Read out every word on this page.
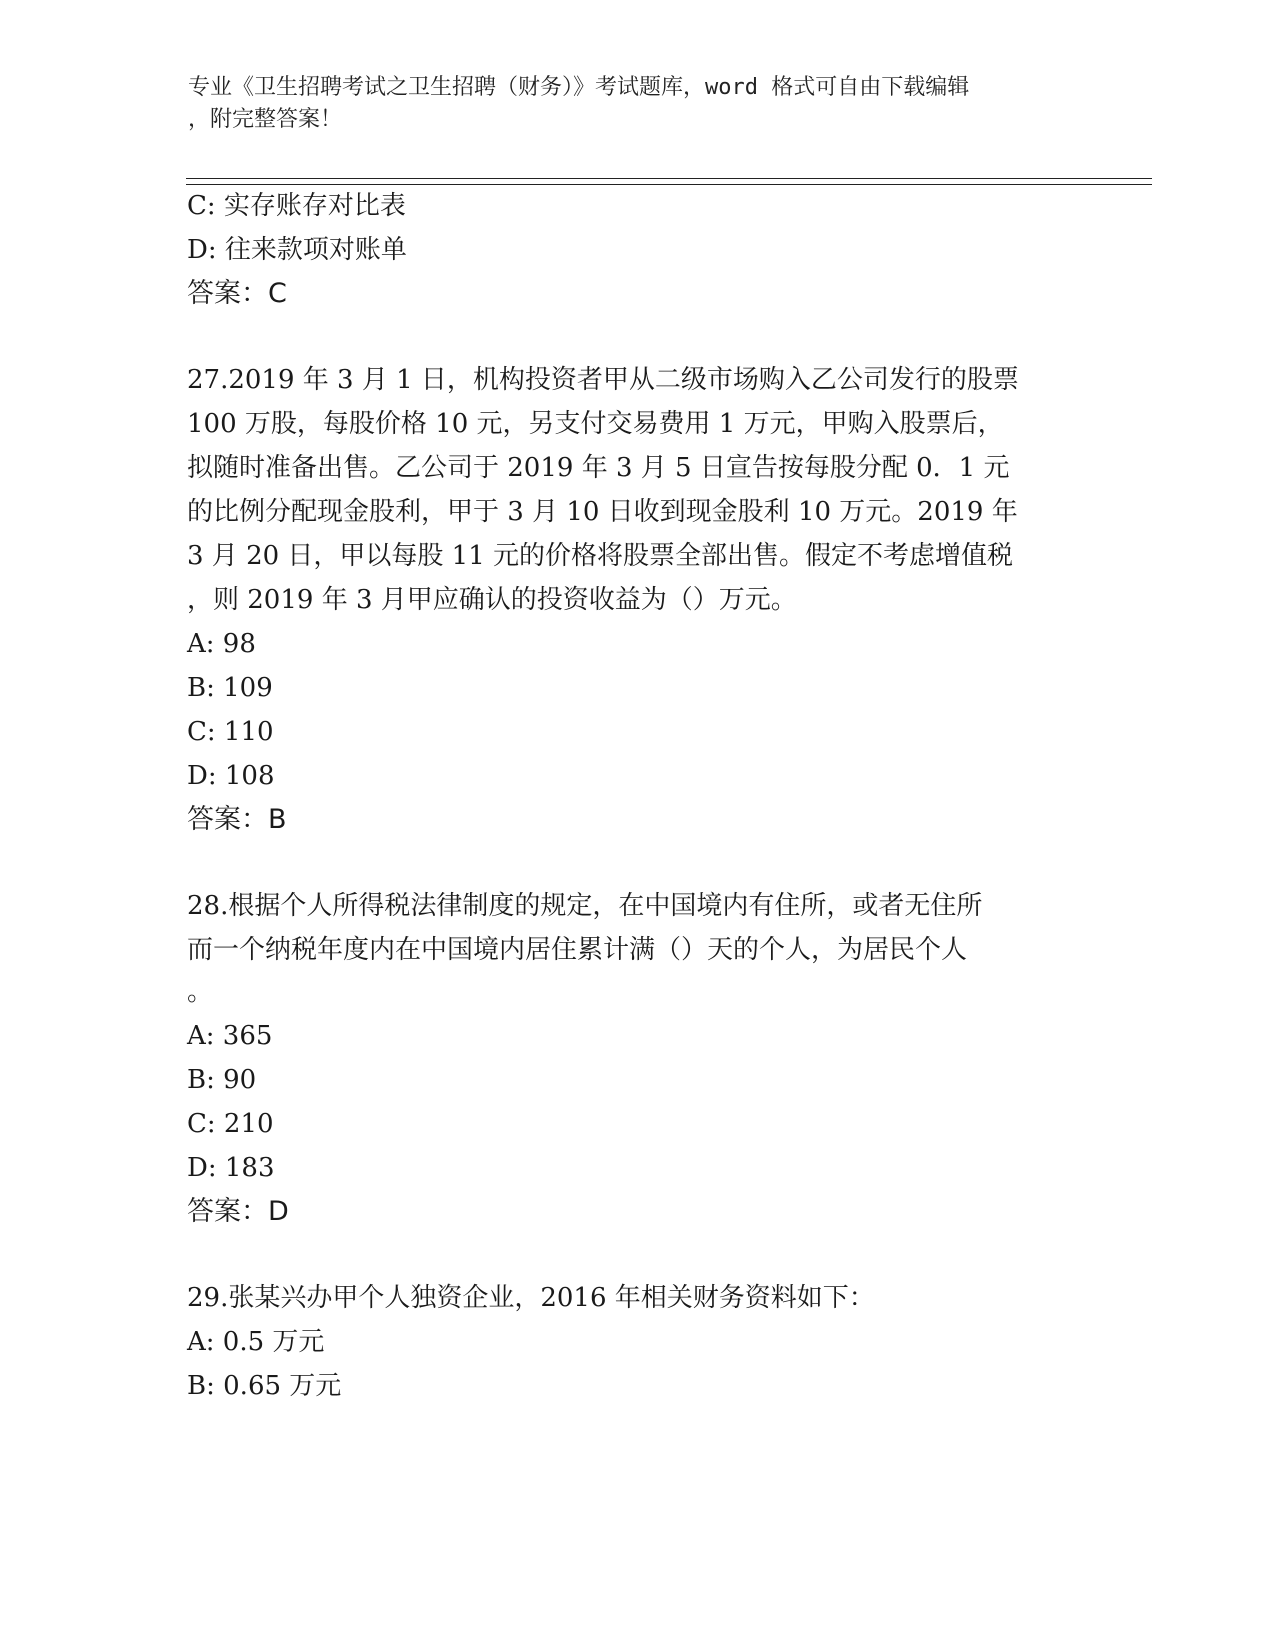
专业《卫生招聘考试之卫生招聘（财务）》考试题库，word 格式可自由下载编辑
，附完整答案！
C: 实存账存对比表
D: 往来款项对账单
答案：C
27.2019 年 3 月 1 日，机构投资者甲从二级市场购入乙公司发行的股票
100 万股，每股价格 10 元，另支付交易费用 1 万元，甲购入股票后，
拟随时准备出售。乙公司于 2019 年 3 月 5 日宣告按每股分配 0．1 元
的比例分配现金股利，甲于 3 月 10 日收到现金股利 10 万元。2019 年
3 月 20 日，甲以每股 11 元的价格将股票全部出售。假定不考虑增值税
，则 2019 年 3 月甲应确认的投资收益为（）万元。
A: 98
B: 109
C: 110
D: 108
答案：B
28.根据个人所得税法律制度的规定，在中国境内有住所，或者无住所
而一个纳税年度内在中国境内居住累计满（）天的个人，为居民个人
。
A: 365
B: 90
C: 210
D: 183
答案：D
29.张某兴办甲个人独资企业，2016 年相关财务资料如下：
A: 0.5 万元
B: 0.65 万元
